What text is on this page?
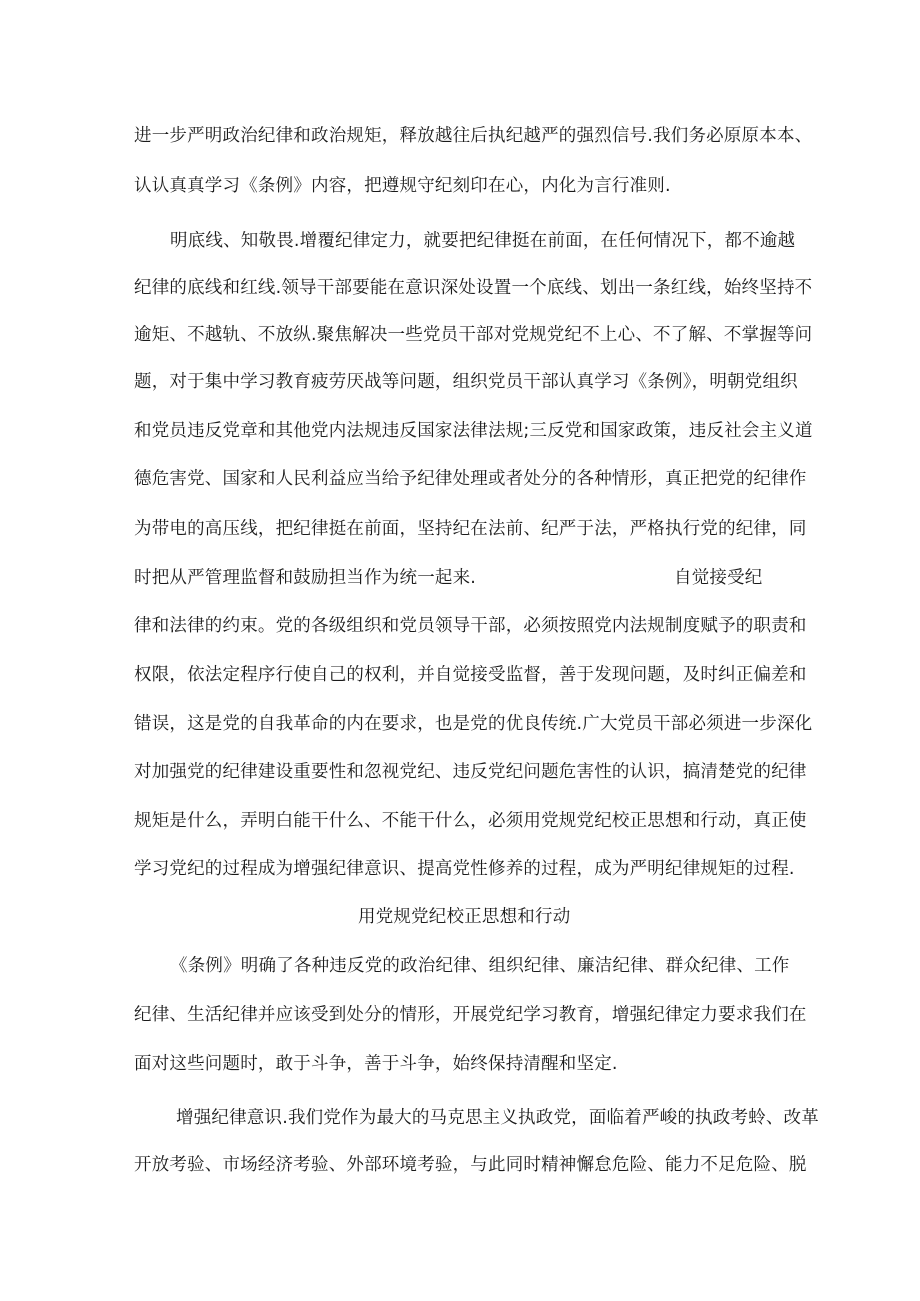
进一步严明政治纪律和政治规矩，释放越往后执纪越严的强烈信号.我们务必原原本本、
认认真真学习《条例》内容，把遵规守纪刻印在心，内化为言行准则.
明底线、知敬畏.增覆纪律定力，就要把纪律挺在前面，在任何情况下，都不逾越
纪律的底线和红线.领导干部要能在意识深处设置一个底线、划出一条红线，始终坚持不
逾矩、不越轨、不放纵.聚焦解决一些党员干部对党规党纪不上心、不了解、不掌握等问
题，对于集中学习教育疲劳厌战等问题，组织党员干部认真学习《条例》，明朝党组织
和党员违反党章和其他党内法规违反国家法律法规;三反党和国家政策，违反社会主义道
德危害党、国家和人民利益应当给予纪律处理或者处分的各种情形，真正把党的纪律作
为带电的高压线，把纪律挺在前面，坚持纪在法前、纪严于法，严格执行党的纪律，同
时把从严管理监督和鼓励担当作为统一起来.	自觉接受纪
律和法律的约束。党的各级组织和党员领导干部，必须按照党内法规制度赋予的职责和
权限，依法定程序行使自己的权利，并自觉接受监督，善于发现问题，及时纠正偏差和
错误，这是党的自我革命的内在要求，也是党的优良传统.广大党员干部必须进一步深化
对加强党的纪律建设重要性和忽视党纪、违反党纪问题危害性的认识，搞清楚党的纪律
规矩是什么，弄明白能干什么、不能干什么，必须用党规党纪校正思想和行动，真正使
学习党纪的过程成为增强纪律意识、提高党性修养的过程，成为严明纪律规矩的过程.
用党规党纪校正思想和行动
《条例》明确了各种违反党的政治纪律、组织纪律、廉洁纪律、群众纪律、工作
纪律、生活纪律并应该受到处分的情形，开展党纪学习教育，增强纪律定力要求我们在
面对这些问题时，敢于斗争，善于斗争，始终保持清醒和坚定.
增强纪律意识.我们党作为最大的马克思主义执政党，面临着严峻的执政考蛉、改革
开放考验、市场经济考验、外部环境考验，与此同时精神懈怠危险、能力不足危险、脱
